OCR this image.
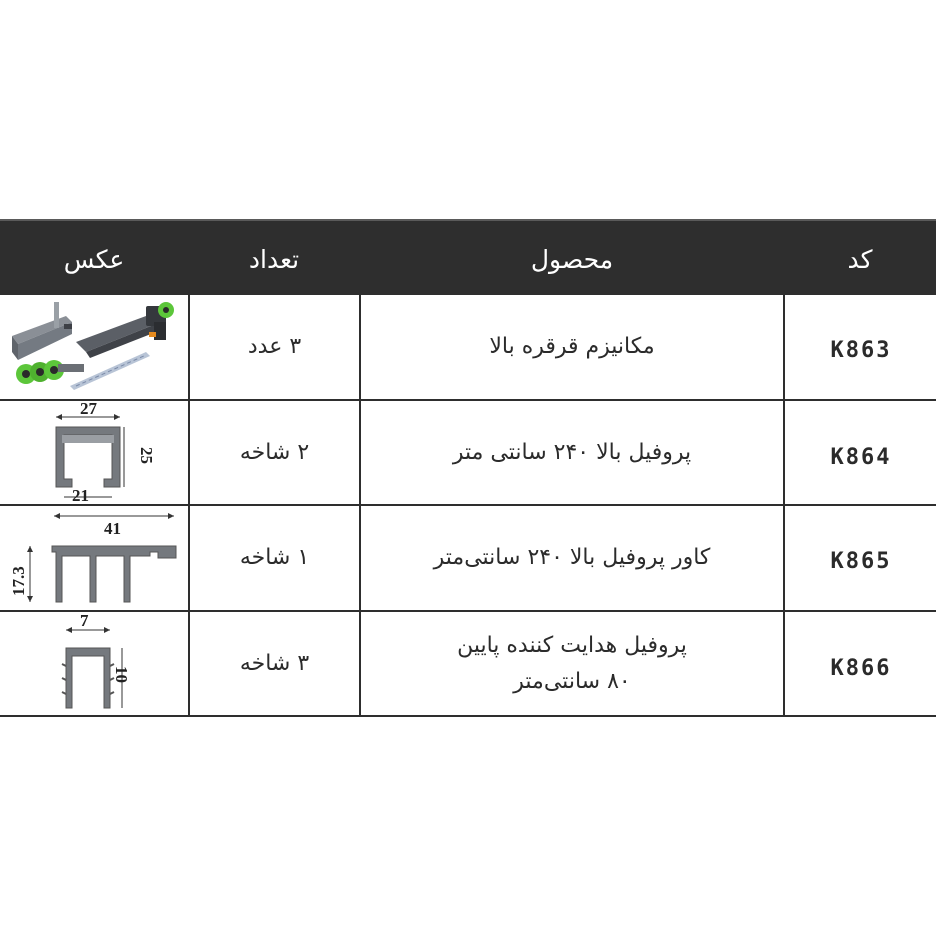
کد
محصول
تعداد
عکس
K863
مکانیزم قرقره بالا
۳ عدد
K864
پروفیل بالا ۲۴۰ سانتی متر
۲ شاخه
27
25
21
K865
کاور پروفیل بالا ۲۴۰ سانتی‌متر
۱ شاخه
41
17.3
K866
پروفیل هدایت کننده پایین
۸۰ سانتی‌متر
۳ شاخه
7
10
